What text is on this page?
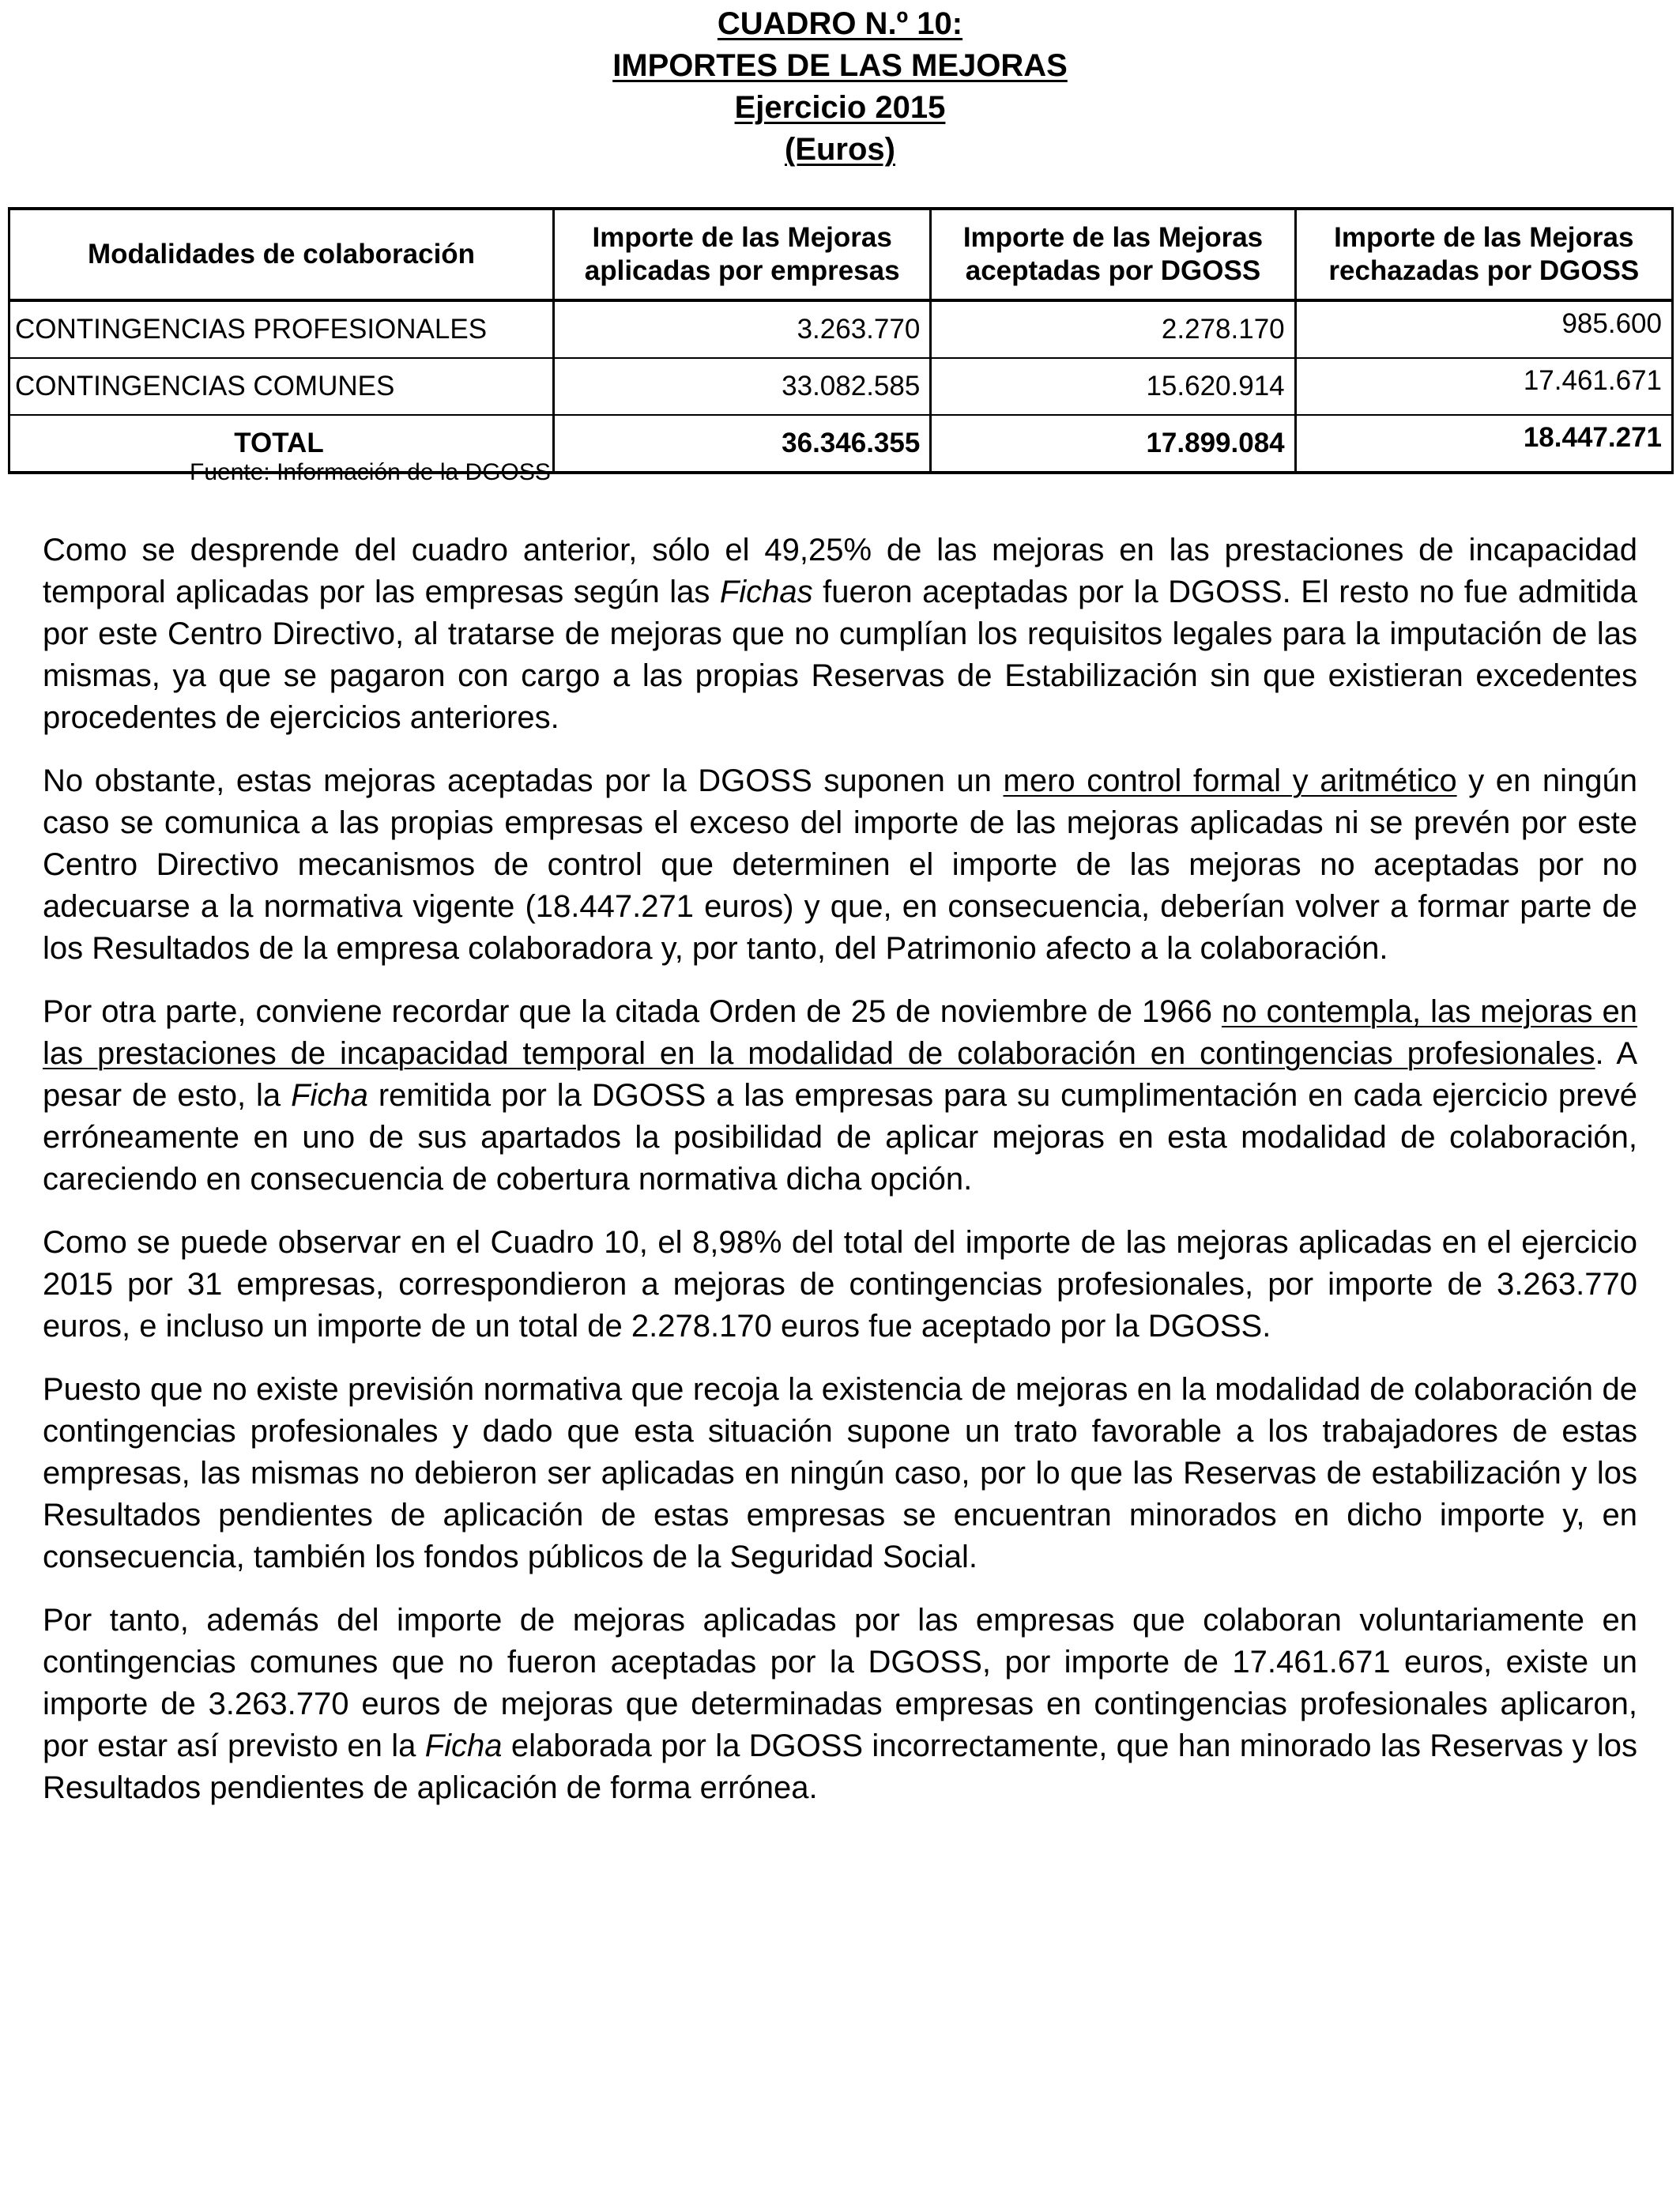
CUADRO N.º 10:
IMPORTES DE LAS MEJORAS
Ejercicio 2015
(Euros)
Modalidades de colaboración	Importe de las Mejoras aplicadas por empresas	Importe de las Mejoras aceptadas por DGOSS	Importe de las Mejoras rechazadas por DGOSS
CONTINGENCIAS PROFESIONALES	3.263.770	2.278.170	985.600
CONTINGENCIAS COMUNES	33.082.585	15.620.914	17.461.671
TOTAL	36.346.355	17.899.084	18.447.271
Fuente: Información de la DGOSS

Como se desprende del cuadro anterior, sólo el 49,25% de las mejoras en las prestaciones de incapacidad temporal aplicadas por las empresas según las Fichas fueron aceptadas por la DGOSS. El resto no fue admitida por este Centro Directivo, al tratarse de mejoras que no cumplían los requisitos legales para la imputación de las mismas, ya que se pagaron con cargo a las propias Reservas de Estabilización sin que existieran excedentes procedentes de ejercicios anteriores.

No obstante, estas mejoras aceptadas por la DGOSS suponen un mero control formal y aritmético y en ningún caso se comunica a las propias empresas el exceso del importe de las mejoras aplicadas ni se prevén por este Centro Directivo mecanismos de control que determinen el importe de las mejoras no aceptadas por no adecuarse a la normativa vigente (18.447.271 euros) y que, en consecuencia, deberían volver a formar parte de los Resultados de la empresa colaboradora y, por tanto, del Patrimonio afecto a la colaboración.

Por otra parte, conviene recordar que la citada Orden de 25 de noviembre de 1966 no contempla, las mejoras en las prestaciones de incapacidad temporal en la modalidad de colaboración en contingencias profesionales. A pesar de esto, la Ficha remitida por la DGOSS a las empresas para su cumplimentación en cada ejercicio prevé erróneamente en uno de sus apartados la posibilidad de aplicar mejoras en esta modalidad de colaboración, careciendo en consecuencia de cobertura normativa dicha opción.

Como se puede observar en el Cuadro 10, el 8,98% del total del importe de las mejoras aplicadas en el ejercicio 2015 por 31 empresas, correspondieron a mejoras de contingencias profesionales, por importe de 3.263.770 euros, e incluso un importe de un total de 2.278.170 euros fue aceptado por la DGOSS.

Puesto que no existe previsión normativa que recoja la existencia de mejoras en la modalidad de colaboración de contingencias profesionales y dado que esta situación supone un trato favorable a los trabajadores de estas empresas, las mismas no debieron ser aplicadas en ningún caso, por lo que las Reservas de estabilización y los Resultados pendientes de aplicación de estas empresas se encuentran minorados en dicho importe y, en consecuencia, también los fondos públicos de la Seguridad Social.

Por tanto, además del importe de mejoras aplicadas por las empresas que colaboran voluntariamente en contingencias comunes que no fueron aceptadas por la DGOSS, por importe de 17.461.671 euros, existe un importe de 3.263.770 euros de mejoras que determinadas empresas en contingencias profesionales aplicaron, por estar así previsto en la Ficha elaborada por la DGOSS incorrectamente, que han minorado las Reservas y los Resultados pendientes de aplicación de forma errónea.
